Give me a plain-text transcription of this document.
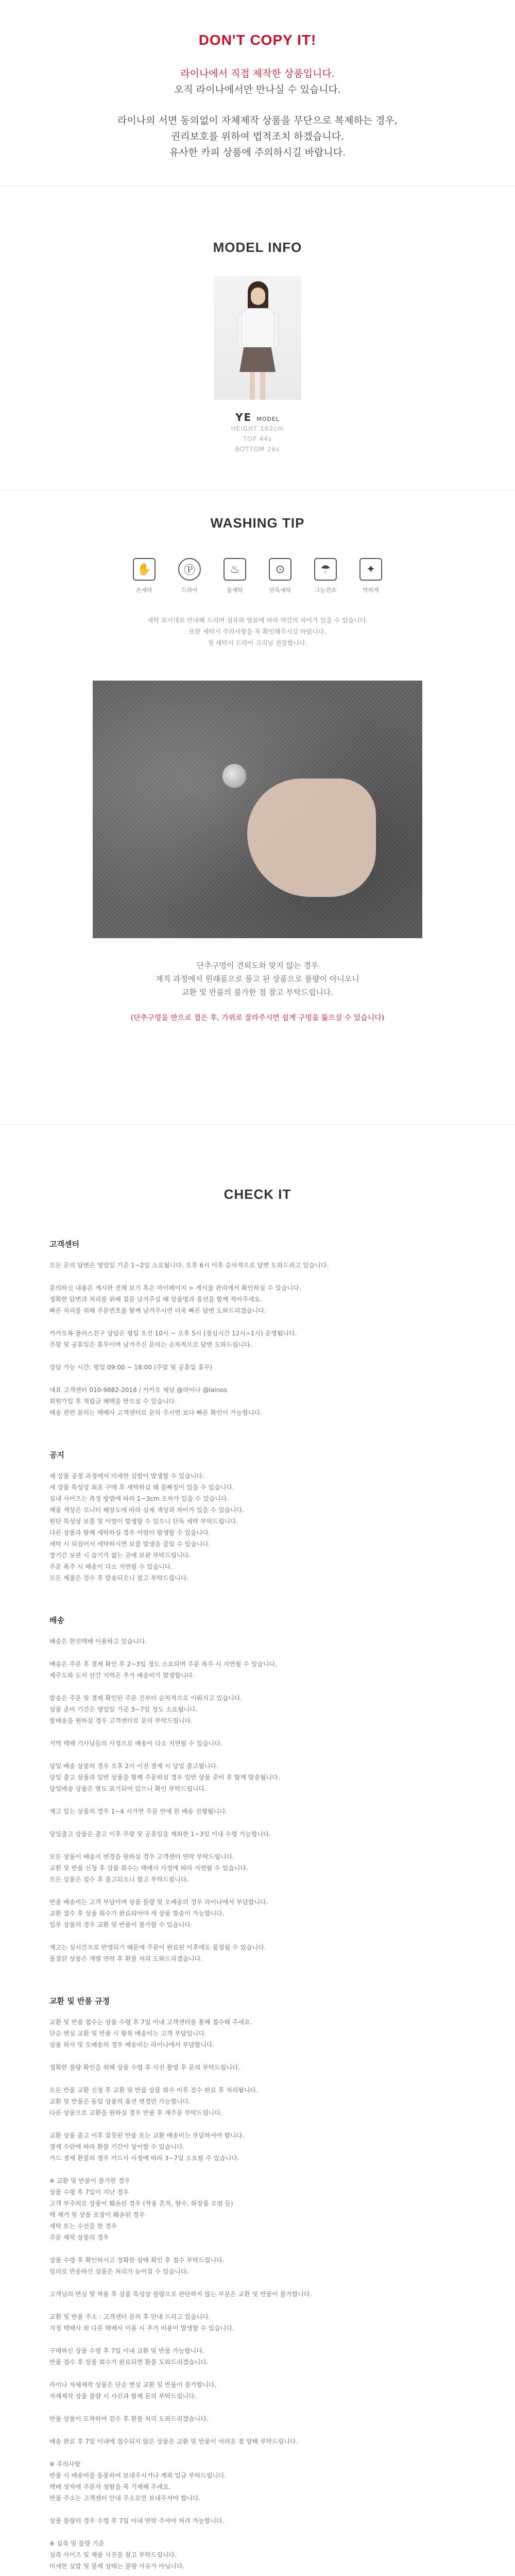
DON'T COPY IT!

라이나에서 직접 제작한 상품입니다.

오직 라이나에서만 만나실 수 있습니다.

라이나의 서면 동의없이 자체제작 상품을 무단으로 복제하는 경우,

권리보호를 위하여 법적조치 하겠습니다.

유사한 카피 상품에 주의하시길 바랍니다.

MODEL INFO
YE MODEL

HEIGHT 162cm

TOP 44s

BOTTOM 26s

WASHING TIP
✋
손세탁
Ⓟ
드라이
♨
울세탁
⊙
단독세탁
☂
그늘건조
✦
약하게

세탁 표시대로 안내해 드리며 섬유와 염료에 따라 약간의 차이가 있을 수 있습니다.
또한 세탁시 주의사항을 꼭 확인해주시길 바랍니다.
첫 세탁시 드라이 크리닝 권장합니다.

단추구멍이 견뢰도와 맞지 않는 경우
제직 과정에서 원래품으로 풀고 된 상품으로 불량이 아니오니
교환 및 반품의 불가한 점 참고 부탁드립니다.

(단추구멍을 반으로 접은 후, 가위로 잘라주시면 쉽게 구멍을 뚫으실 수 있습니다)

CHECK IT
고객센터

모든 문의 답변은 영업일 기준 1~2일 소요됩니다. 오후 6시 이후 순차적으로 답변 도와드리고 있습니다.

문의하신 내용은 게시판 전체 보기 혹은 마이페이지 > 게시물 관리에서 확인하실 수 있습니다.

정확한 답변과 처리를 위해 질문 남겨주실 때 상품명과 옵션을 함께 적어주세요.

빠른 처리를 위해 주문번호를 함께 남겨주시면 더욱 빠른 답변 도와드리겠습니다.

카카오톡 플러스친구 상담은 평일 오전 10시 ~ 오후 5시 (점심시간 12시~1시) 운영됩니다.

주말 및 공휴일은 휴무이며 남겨주신 문의는 순차적으로 답변 도와드립니다.

상담 가능 시간: 평일 09:00 ~ 18:00 (주말 및 공휴일 휴무)

대표 고객센터 010-9882-2018 / 카카오 채널 @라이나 @lainos

회원가입 후 적립금 혜택을 받으실 수 있습니다.

배송 관련 문의는 택배사 고객센터로 문의 주시면 보다 빠른 확인이 가능합니다.

공지

세 상품 공정 과정에서 미세한 실밥이 발생할 수 있습니다.

세 상품 특성상 최초 구매 후 세탁하실 때 물빠짐이 있을 수 있습니다.

실내 사이즈는 측정 방법에 따라 1~3cm 오차가 있을 수 있습니다.

제품 색상은 모니터 해상도에 따라 실제 색상과 차이가 있을 수 있습니다.

원단 특성상 보풀 및 이염이 발생할 수 있으니 단독 세탁 부탁드립니다.

다른 상품과 함께 세탁하실 경우 이염이 발생할 수 있습니다.

세탁 시 뒤집어서 세탁하시면 보풀 발생을 줄일 수 있습니다.

장기간 보관 시 습기가 없는 곳에 보관 부탁드립니다.

주문 폭주 시 배송이 다소 지연될 수 있습니다.

모든 제품은 검수 후 발송되오니 참고 부탁드립니다.

배송

배송은 한진택배 이용하고 있습니다.

배송은 주문 후 결제 확인 후 2~3일 정도 소요되며 주문 폭주 시 지연될 수 있습니다.

제주도와 도서 산간 지역은 추가 배송비가 발생합니다.

발송은 주문 및 결제 확인된 주문 건부터 순차적으로 이뤄지고 있습니다.

상품 준비 기간은 영업일 기준 3~7일 정도 소요됩니다.

합배송을 원하실 경우 고객센터로 문의 부탁드립니다.

지역 택배 기사님들의 사정으로 배송이 다소 지연될 수 있습니다.

당일 배송 상품의 경우 오후 2시 이전 결제 시 당일 출고됩니다.

당일 출고 상품과 일반 상품을 함께 주문하실 경우 일반 상품 준비 후 함께 발송됩니다.

당일배송 상품은 별도 표기되어 있으니 확인 부탁드립니다.

제고 있는 상품의 경우 1~4 시가면 주문 안에 한 배송 진행됩니다.

당일출고 상품은 출고 이후 주말 및 공휴일을 제외한 1~3일 이내 수령 가능합니다.

모든 상품이 배송지 변경을 원하실 경우 고객센터 연락 부탁드립니다.

교환 및 반품 신청 후 상품 회수는 택배사 사정에 따라 지연될 수 있습니다.

모든 상품은 검수 후 출고되오니 참고 부탁드립니다.

반품 배송비는 고객 부담이며 상품 불량 및 오배송의 경우 라이나에서 부담합니다.

교환 접수 후 상품 회수가 완료되어야 새 상품 발송이 가능합니다.

일부 상품의 경우 교환 및 반품이 불가할 수 있습니다.

제고는 실시간으로 반영되기 때문에 주문이 완료된 이후에도 품절될 수 있습니다.

품절된 상품은 개별 연락 후 환불 처리 도와드리겠습니다.

교환 및 반품 규정

교환 및 반품 접수는 상품 수령 후 7일 이내 고객센터를 통해 접수해 주세요.

단순 변심 교환 및 반품 시 왕복 배송비는 고객 부담입니다.

상품 하자 및 오배송의 경우 배송비는 라이나에서 부담합니다.

정확한 불량 확인을 위해 상품 수령 후 사진 촬영 후 문의 부탁드립니다.

모든 반품 교환 신청 후 교환 및 반품 상품 회수 이후 검수 완료 후 처리됩니다.

교환 및 반품은 동일 상품의 옵션 변경만 가능합니다.

다른 상품으로 교환을 원하실 경우 반품 후 재주문 부탁드립니다.

교환 상품 출고 이후 잘못된 반품 또는 교환 배송비는 부담하셔야 합니다.

결제 수단에 따라 환불 기간이 상이할 수 있습니다.

카드 결제 환불의 경우 카드사 사정에 따라 3~7일 소요될 수 있습니다.

※ 교환 및 반품이 불가한 경우

상품 수령 후 7일이 지난 경우

고객 부주의로 상품이 훼손된 경우 (착용 흔적, 향수, 화장품 오염 등)

택 제거 및 상품 포장이 훼손된 경우

세탁 또는 수선을 한 경우

주문 제작 상품의 경우

상품 수령 후 확인하시고 정확한 상태 확인 후 접수 부탁드립니다.

임의로 반송하신 상품은 처리가 늦어질 수 있습니다.

고객님의 변심 및 착용 후 상품 특성상 불량으로 판단하지 않는 부분은 교환 및 반품이 불가합니다.

교환 및 반품 주소 : 고객센터 문의 후 안내 드리고 있습니다.

지정 택배사 외 다른 택배사 이용 시 추가 비용이 발생할 수 있습니다.

구매하신 상품 수령 후 7일 이내 교환 및 반품 가능합니다.

반품 접수 후 상품 회수가 완료되면 환불 도와드리겠습니다.

라이나 자체제작 상품은 단순 변심 교환 및 반품이 불가합니다.

자체제작 상품 불량 시 사진과 함께 문의 부탁드립니다.

반품 상품이 도착하여 검수 후 환불 처리 도와드리겠습니다.

배송 완료 후 7일 이내에 접수되지 않은 상품은 교환 및 반품이 어려운 점 양해 부탁드립니다.

※ 주의사항

반품 시 배송비를 동봉하여 보내주시거나 계좌 입금 부탁드립니다.

택배 상자에 주문자 성함을 꼭 기재해 주세요.

반품 주소는 고객센터 안내 주소로만 보내주셔야 합니다.

상품 불량의 경우 수령 후 7일 이내 연락 주셔야 처리 가능합니다.

※ 실측 및 불량 기준

실측 사이즈 및 제품 사진을 참고 부탁드립니다.

미세한 실밥 및 봉제 상태는 불량 사유가 아닙니다.
